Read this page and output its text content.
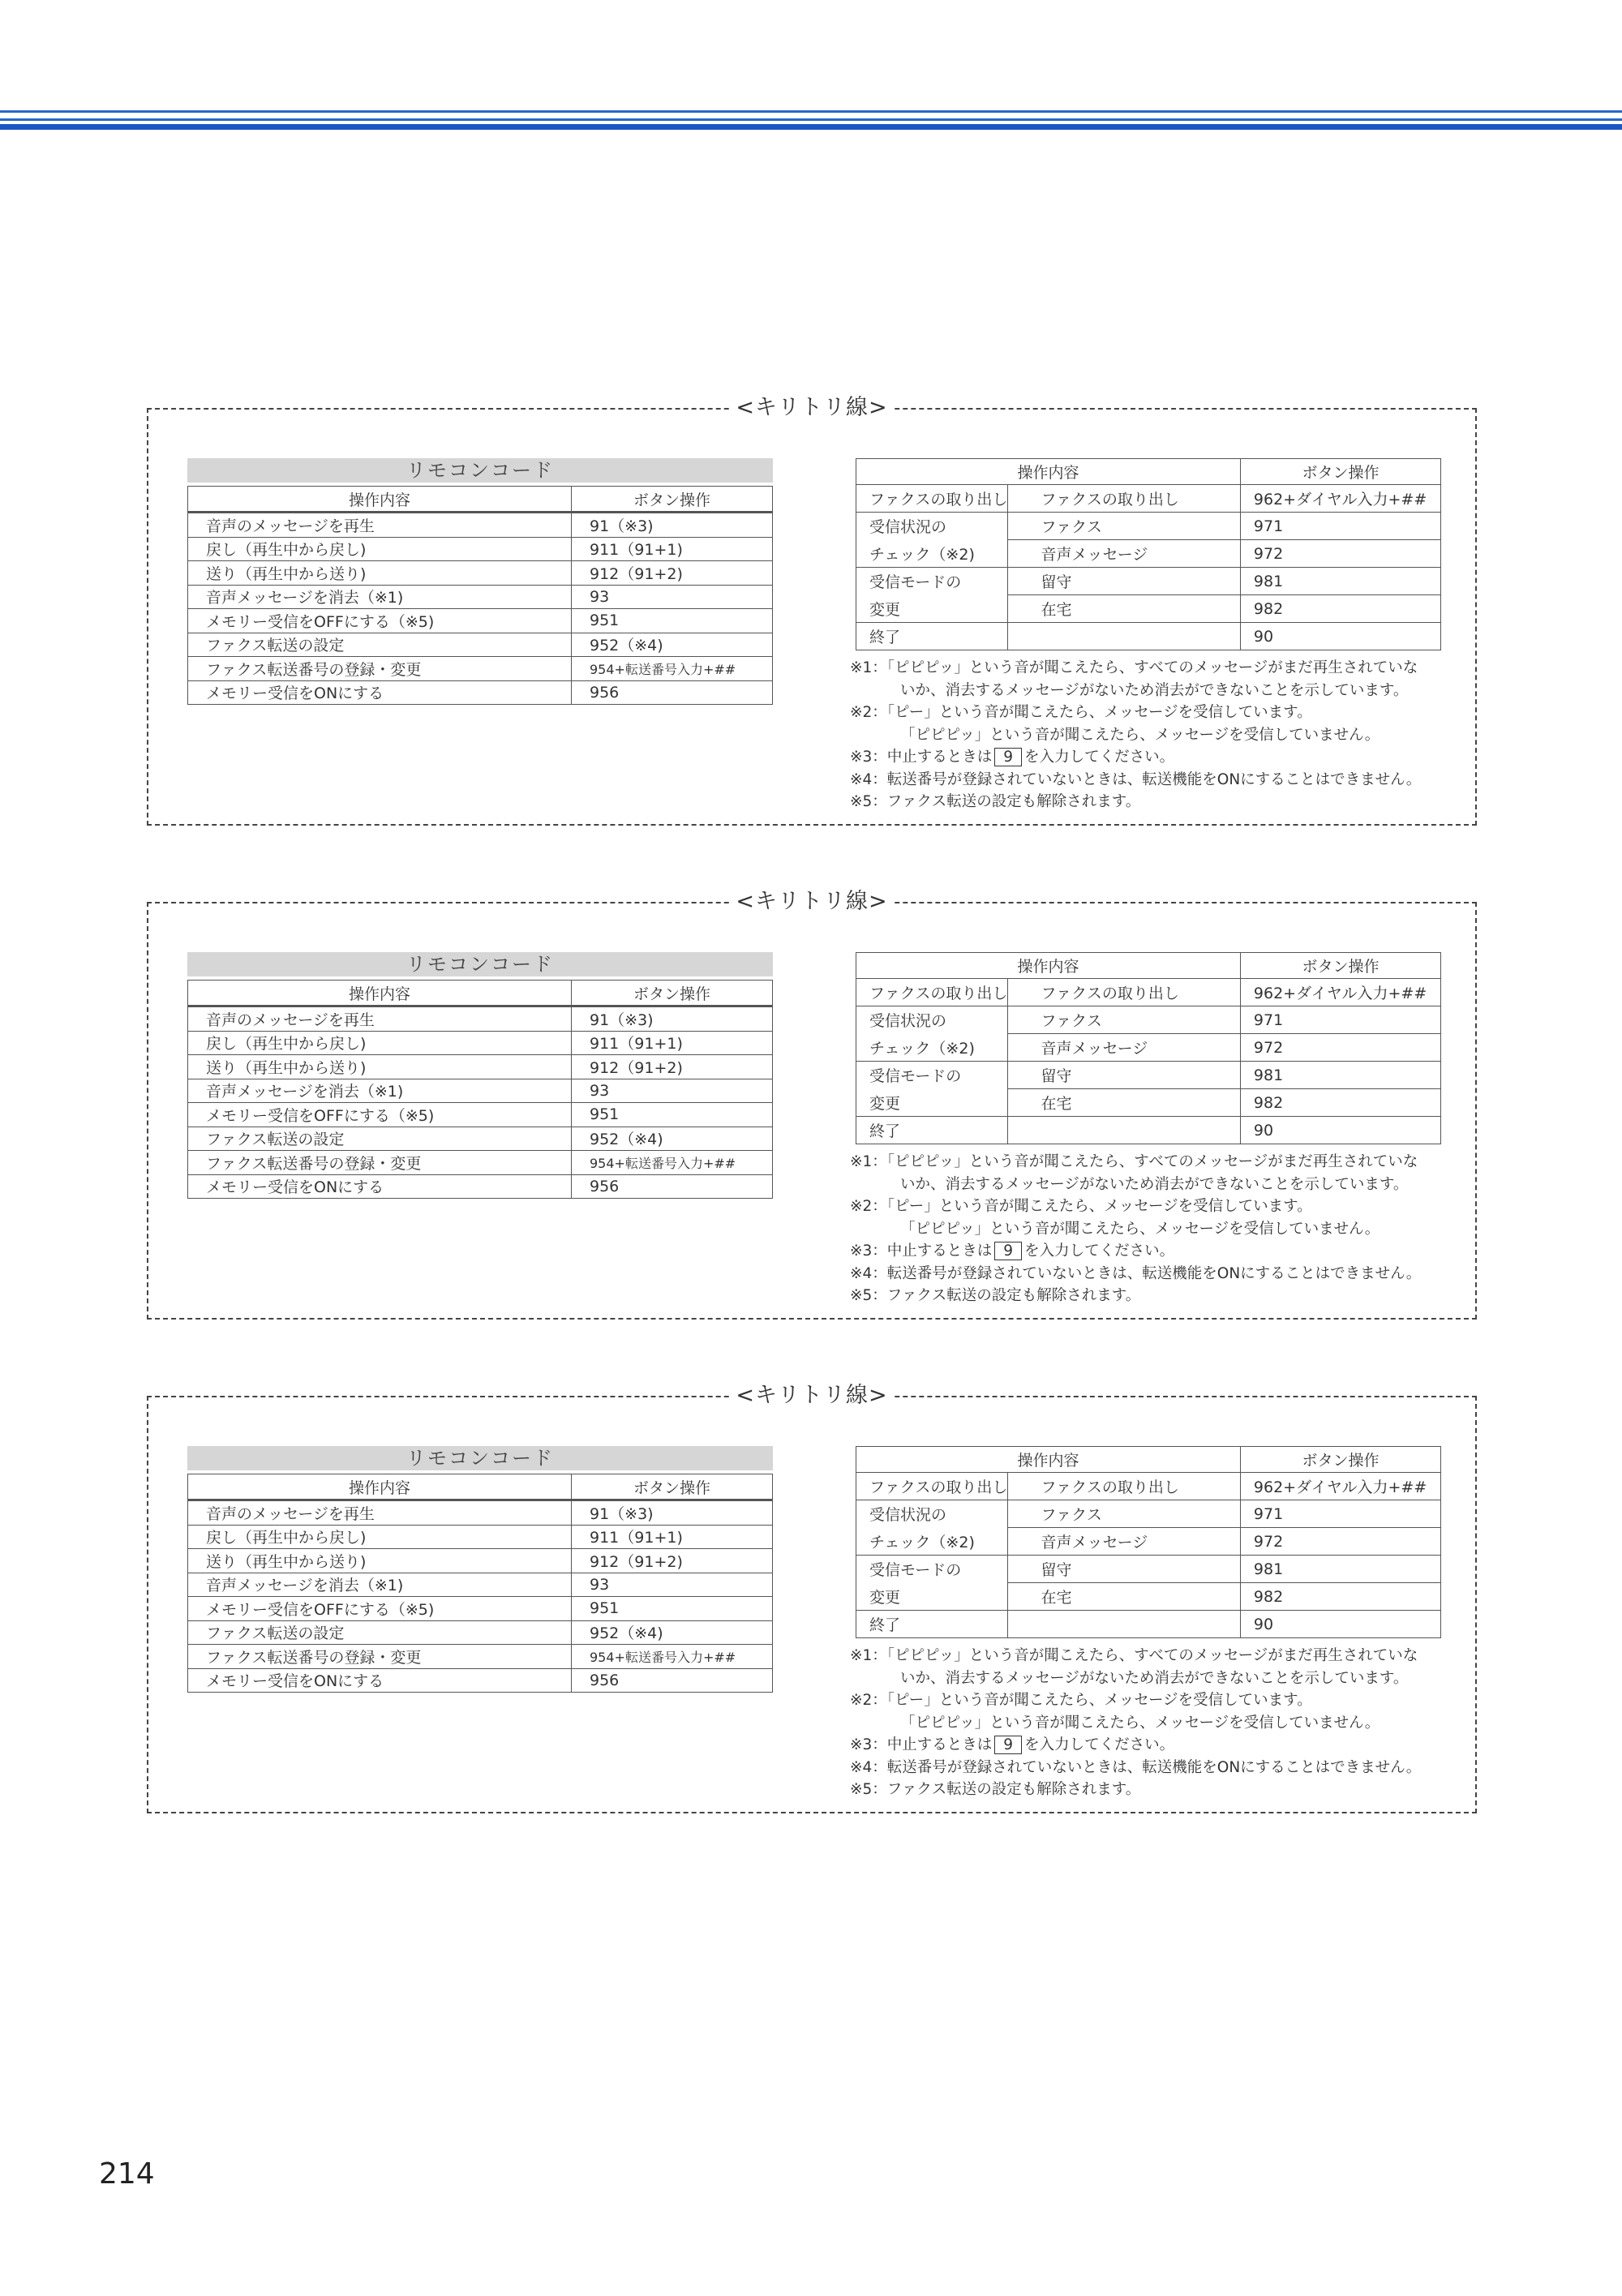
<キリトリ線>
リモコンコード
操作内容	ボタン操作
音声のメッセージを再生	91（※3)
戻し（再生中から戻し)	911（91+1)
送り（再生中から送り)	912（91+2)
音声メッセージを消去（※1)	93
メモリー受信をOFFにする（※5)	951
ファクス転送の設定	952（※4)
ファクス転送番号の登録・変更	954+転送番号入力+##
メモリー受信をONにする	956
操作内容		ボタン操作
ファクスの取り出し	ファクスの取り出し	962+ダイヤル入力+##
受信状況の	ファクス	971
チェック（※2)	音声メッセージ	972
受信モードの	留守	981
変更	在宅	982
終了		90
※1：「ピピピッ」という音が聞こえたら、すべてのメッセージがまだ再生されていな
いか、消去するメッセージがないため消去ができないことを示しています。
※2：「ピー」という音が聞こえたら、メッセージを受信しています。
「ピピピッ」という音が聞こえたら、メッセージを受信していません。
※3：中止するときは 9 を入力してください。
※4：転送番号が登録されていないときは、転送機能をONにすることはできません。
※5：ファクス転送の設定も解除されます。
<キリトリ線>
リモコンコード
操作内容	ボタン操作
音声のメッセージを再生	91（※3)
戻し（再生中から戻し)	911（91+1)
送り（再生中から送り)	912（91+2)
音声メッセージを消去（※1)	93
メモリー受信をOFFにする（※5)	951
ファクス転送の設定	952（※4)
ファクス転送番号の登録・変更	954+転送番号入力+##
メモリー受信をONにする	956
操作内容		ボタン操作
ファクスの取り出し	ファクスの取り出し	962+ダイヤル入力+##
受信状況の	ファクス	971
チェック（※2)	音声メッセージ	972
受信モードの	留守	981
変更	在宅	982
終了		90
※1：「ピピピッ」という音が聞こえたら、すべてのメッセージがまだ再生されていな
いか、消去するメッセージがないため消去ができないことを示しています。
※2：「ピー」という音が聞こえたら、メッセージを受信しています。
「ピピピッ」という音が聞こえたら、メッセージを受信していません。
※3：中止するときは 9 を入力してください。
※4：転送番号が登録されていないときは、転送機能をONにすることはできません。
※5：ファクス転送の設定も解除されます。
<キリトリ線>
リモコンコード
操作内容	ボタン操作
音声のメッセージを再生	91（※3)
戻し（再生中から戻し)	911（91+1)
送り（再生中から送り)	912（91+2)
音声メッセージを消去（※1)	93
メモリー受信をOFFにする（※5)	951
ファクス転送の設定	952（※4)
ファクス転送番号の登録・変更	954+転送番号入力+##
メモリー受信をONにする	956
操作内容		ボタン操作
ファクスの取り出し	ファクスの取り出し	962+ダイヤル入力+##
受信状況の	ファクス	971
チェック（※2)	音声メッセージ	972
受信モードの	留守	981
変更	在宅	982
終了		90
※1：「ピピピッ」という音が聞こえたら、すべてのメッセージがまだ再生されていな
いか、消去するメッセージがないため消去ができないことを示しています。
※2：「ピー」という音が聞こえたら、メッセージを受信しています。
「ピピピッ」という音が聞こえたら、メッセージを受信していません。
※3：中止するときは 9 を入力してください。
※4：転送番号が登録されていないときは、転送機能をONにすることはできません。
※5：ファクス転送の設定も解除されます。
214
